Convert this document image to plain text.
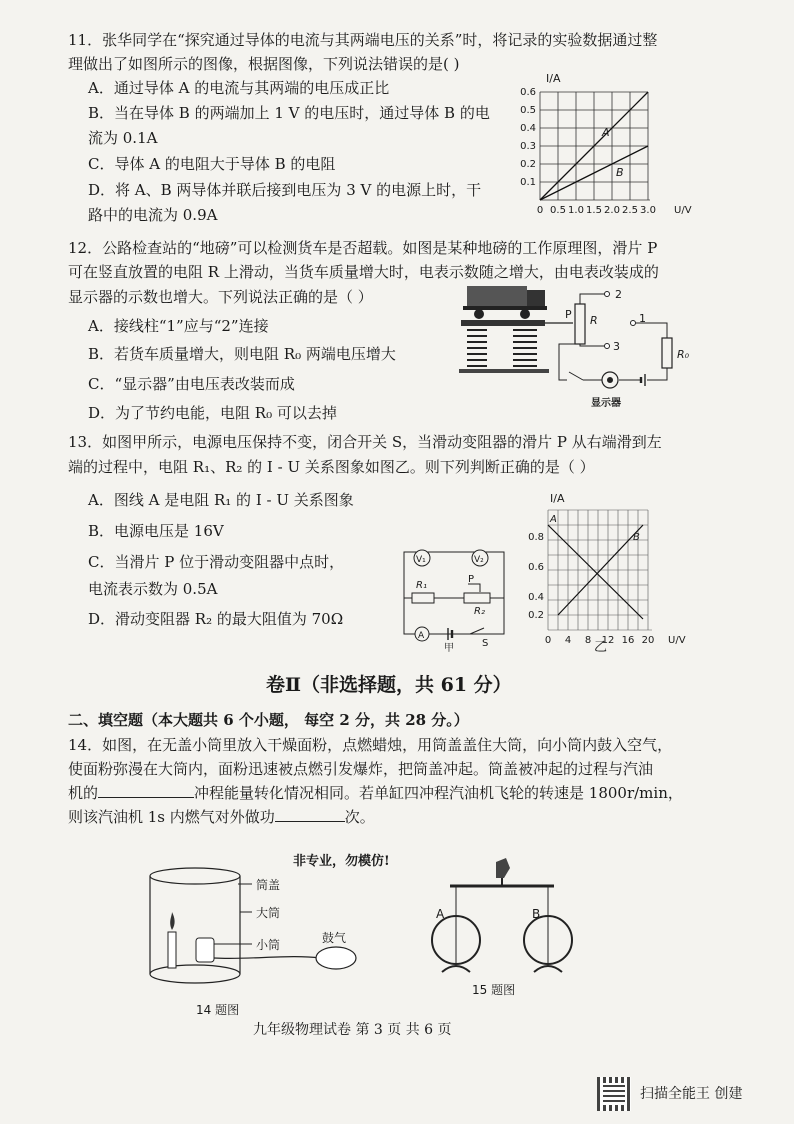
11．张华同学在“探究通过导体的电流与其两端电压的关系”时，将记录的实验数据通过整
理做出了如图所示的图像，根据图像，下列说法错误的是( )
A．通过导体 A 的电流与其两端的电压成正比
B．当在导体 B 的两端加上 1 V 的电压时，通过导体 B 的电
流为 0.1A
C．导体 A 的电阻大于导体 B 的电阻
D．将 A、B 两导体并联后接到电压为 3 V 的电源上时，干
路中的电流为 0.9A
I/A
A
B
0.6
0.5
0.4
0.3
0.2
0.1
0 0.5 1.0 1.5 2.0 2.5 3.0 U/V
12．公路检查站的“地磅”可以检测货车是否超载。如图是某种地磅的工作原理图，滑片 P
可在竖直放置的电阻 R 上滑动，当货车质量增大时，电表示数随之增大，由电表改装成的
显示器的示数也增大。下列说法正确的是（ ）
A．接线柱“1”应与“2”连接
B．若货车质量增大，则电阻 R₀ 两端电压增大
C．“显示器”由电压表改装而成
D．为了节约电能，电阻 R₀ 可以去掉
P R
2
3
1
R₀
显示器
13．如图甲所示，电源电压保持不变，闭合开关 S，当滑动变阻器的滑片 P 从右端滑到左
端的过程中，电阻 R₁、R₂ 的 I - U 关系图象如图乙。则下列判断正确的是（ ）
A．图线 A 是电阻 R₁ 的 I - U 关系图象
B．电源电压是 16V
C．当滑片 P 位于滑动变阻器中点时，
电流表示数为 0.5A
D．滑动变阻器 R₂ 的最大阻值为 70Ω
V₁	V₂
R₁
P
R₂
A
S
甲
I/A
A
B
0.8
0.6
0.4
0.2
0 4 8 12 16 20 U/V
乙
卷Ⅱ（非选择题，共 61 分）
二、填空题（本大题共 6 个小题， 每空 2 分，共 28 分。）
14．如图，在无盖小筒里放入干燥面粉，点燃蜡烛，用筒盖盖住大筒，向小筒内鼓入空气，
使面粉弥漫在大筒内，面粉迅速被点燃引发爆炸，把筒盖冲起。筒盖被冲起的过程与汽油
机的	冲程能量转化情况相同。若单缸四冲程汽油机飞轮的转速是 1800r/min，
则该汽油机 1s 内燃气对外做功	次。
非专业，勿模仿!
筒盖
大筒
小筒	鼓气
14 题图
A	B
15 题图
九年级物理试卷 第 3 页 共 6 页
扫描全能王 创建
